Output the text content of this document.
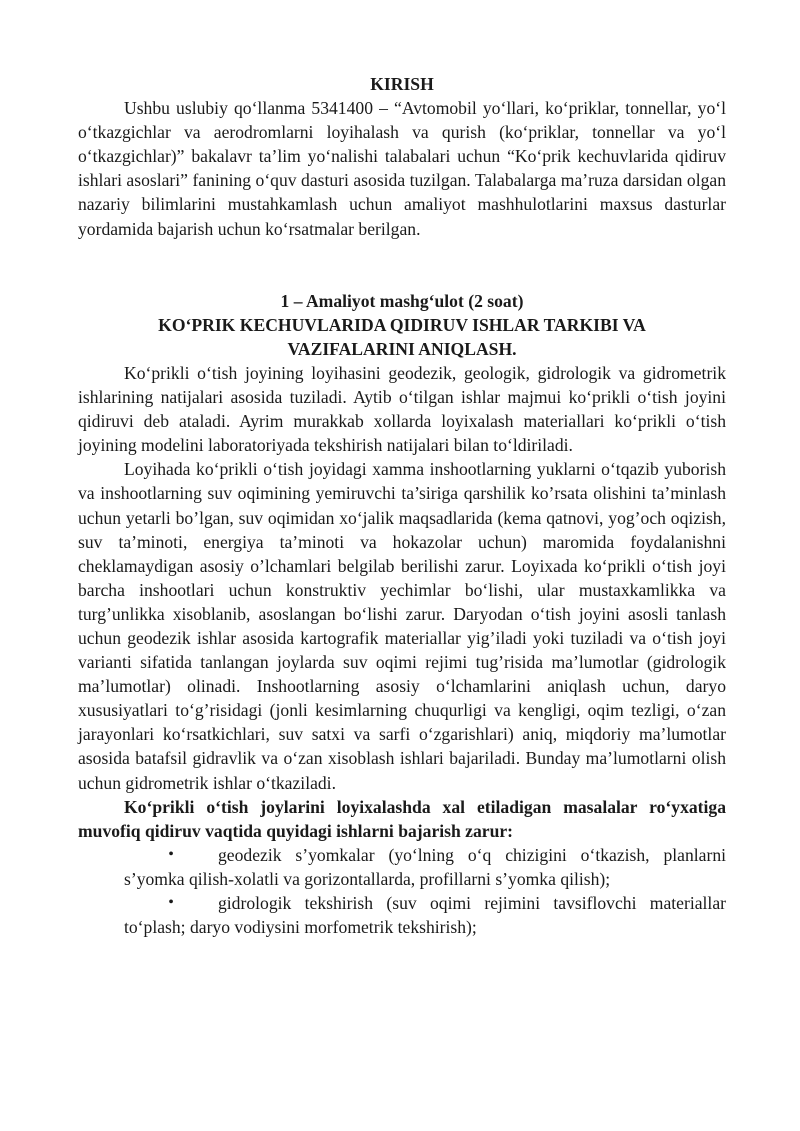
KIRISH

Ushbu uslubiy qo‘llanma 5341400 – “Avtomobil yo‘llari, ko‘priklar, tonnellar, yo‘l o‘tkazgichlar va aerodromlarni loyihalash va qurish (ko‘priklar, tonnellar va yo‘l o‘tkazgichlar)” bakalavr ta’lim yo‘nalishi talabalari uchun “Ko‘prik kechuvlarida qidiruv ishlari asoslari” fanining o‘quv dasturi asosida tuzilgan. Talabalarga ma’ruza darsidan olgan nazariy bilimlarini mustahkamlash uchun amaliyot mashhulotlarini maxsus dasturlar yordamida bajarish uchun ko‘rsatmalar berilgan.

1 – Amaliyot mashg‘ulot (2 soat)
KO‘PRIK KECHUVLARIDA QIDIRUV ISHLAR TARKIBI VA
VAZIFALARINI ANIQLASH.

Ko‘prikli o‘tish joyining loyihasini geodezik, geologik, gidrologik va gidrometrik ishlarining natijalari asosida tuziladi. Aytib o‘tilgan ishlar majmui ko‘prikli o‘tish joyini qidiruvi deb ataladi. Ayrim murakkab xollarda loyixalash materiallari ko‘prikli o‘tish joyining modelini laboratoriyada tekshirish natijalari bilan to‘ldiriladi.

Loyihada ko‘prikli o‘tish joyidagi xamma inshootlarning yuklarni o‘tqazib yuborish va inshootlarning suv oqimining yemiruvchi ta’siriga qarshilik ko’rsata olishini ta’minlash uchun yetarli bo’lgan, suv oqimidan xo‘jalik maqsadlarida (kema qatnovi, yog’och oqizish, suv ta’minoti, energiya ta’minoti va hokazolar uchun) maromida foydalanishni cheklamaydigan asosiy o’lchamlari belgilab berilishi zarur. Loyixada ko‘prikli o‘tish joyi barcha inshootlari uchun konstruktiv yechimlar bo‘lishi, ular mustaxkamlikka va turg’unlikka xisoblanib, asoslangan bo‘lishi zarur. Daryodan o‘tish joyini asosli tanlash uchun geodezik ishlar asosida kartografik materiallar yig’iladi yoki tuziladi va o‘tish joyi varianti sifatida tanlangan joylarda suv oqimi rejimi tug’risida ma’lumotlar (gidrologik ma’lumotlar) olinadi. Inshootlarning asosiy o‘lchamlarini aniqlash uchun, daryo xususiyatlari to‘g’risidagi (jonli kesimlarning chuqurligi va kengligi, oqim tezligi, o‘zan jarayonlari ko‘rsatkichlari, suv satxi va sarfi o‘zgarishlari) aniq, miqdoriy ma’lumotlar asosida batafsil gidravlik va o‘zan xisoblash ishlari bajariladi. Bunday ma’lumotlarni olish uchun gidrometrik ishlar o‘tkaziladi.

Ko‘prikli o‘tish joylarini loyixalashda xal etiladigan masalalar ro‘yxatiga muvofiq qidiruv vaqtida quyidagi ishlarni bajarish zarur:

•	geodezik s’yomkalar (yo‘lning o‘q chizigini o‘tkazish, planlarni
s’yomka qilish-xolatli va gorizontallarda, profillarni s’yomka qilish);
•	gidrologik tekshirish (suv oqimi rejimini tavsiflovchi materiallar
to‘plash; daryo vodiysini morfometrik tekshirish);
